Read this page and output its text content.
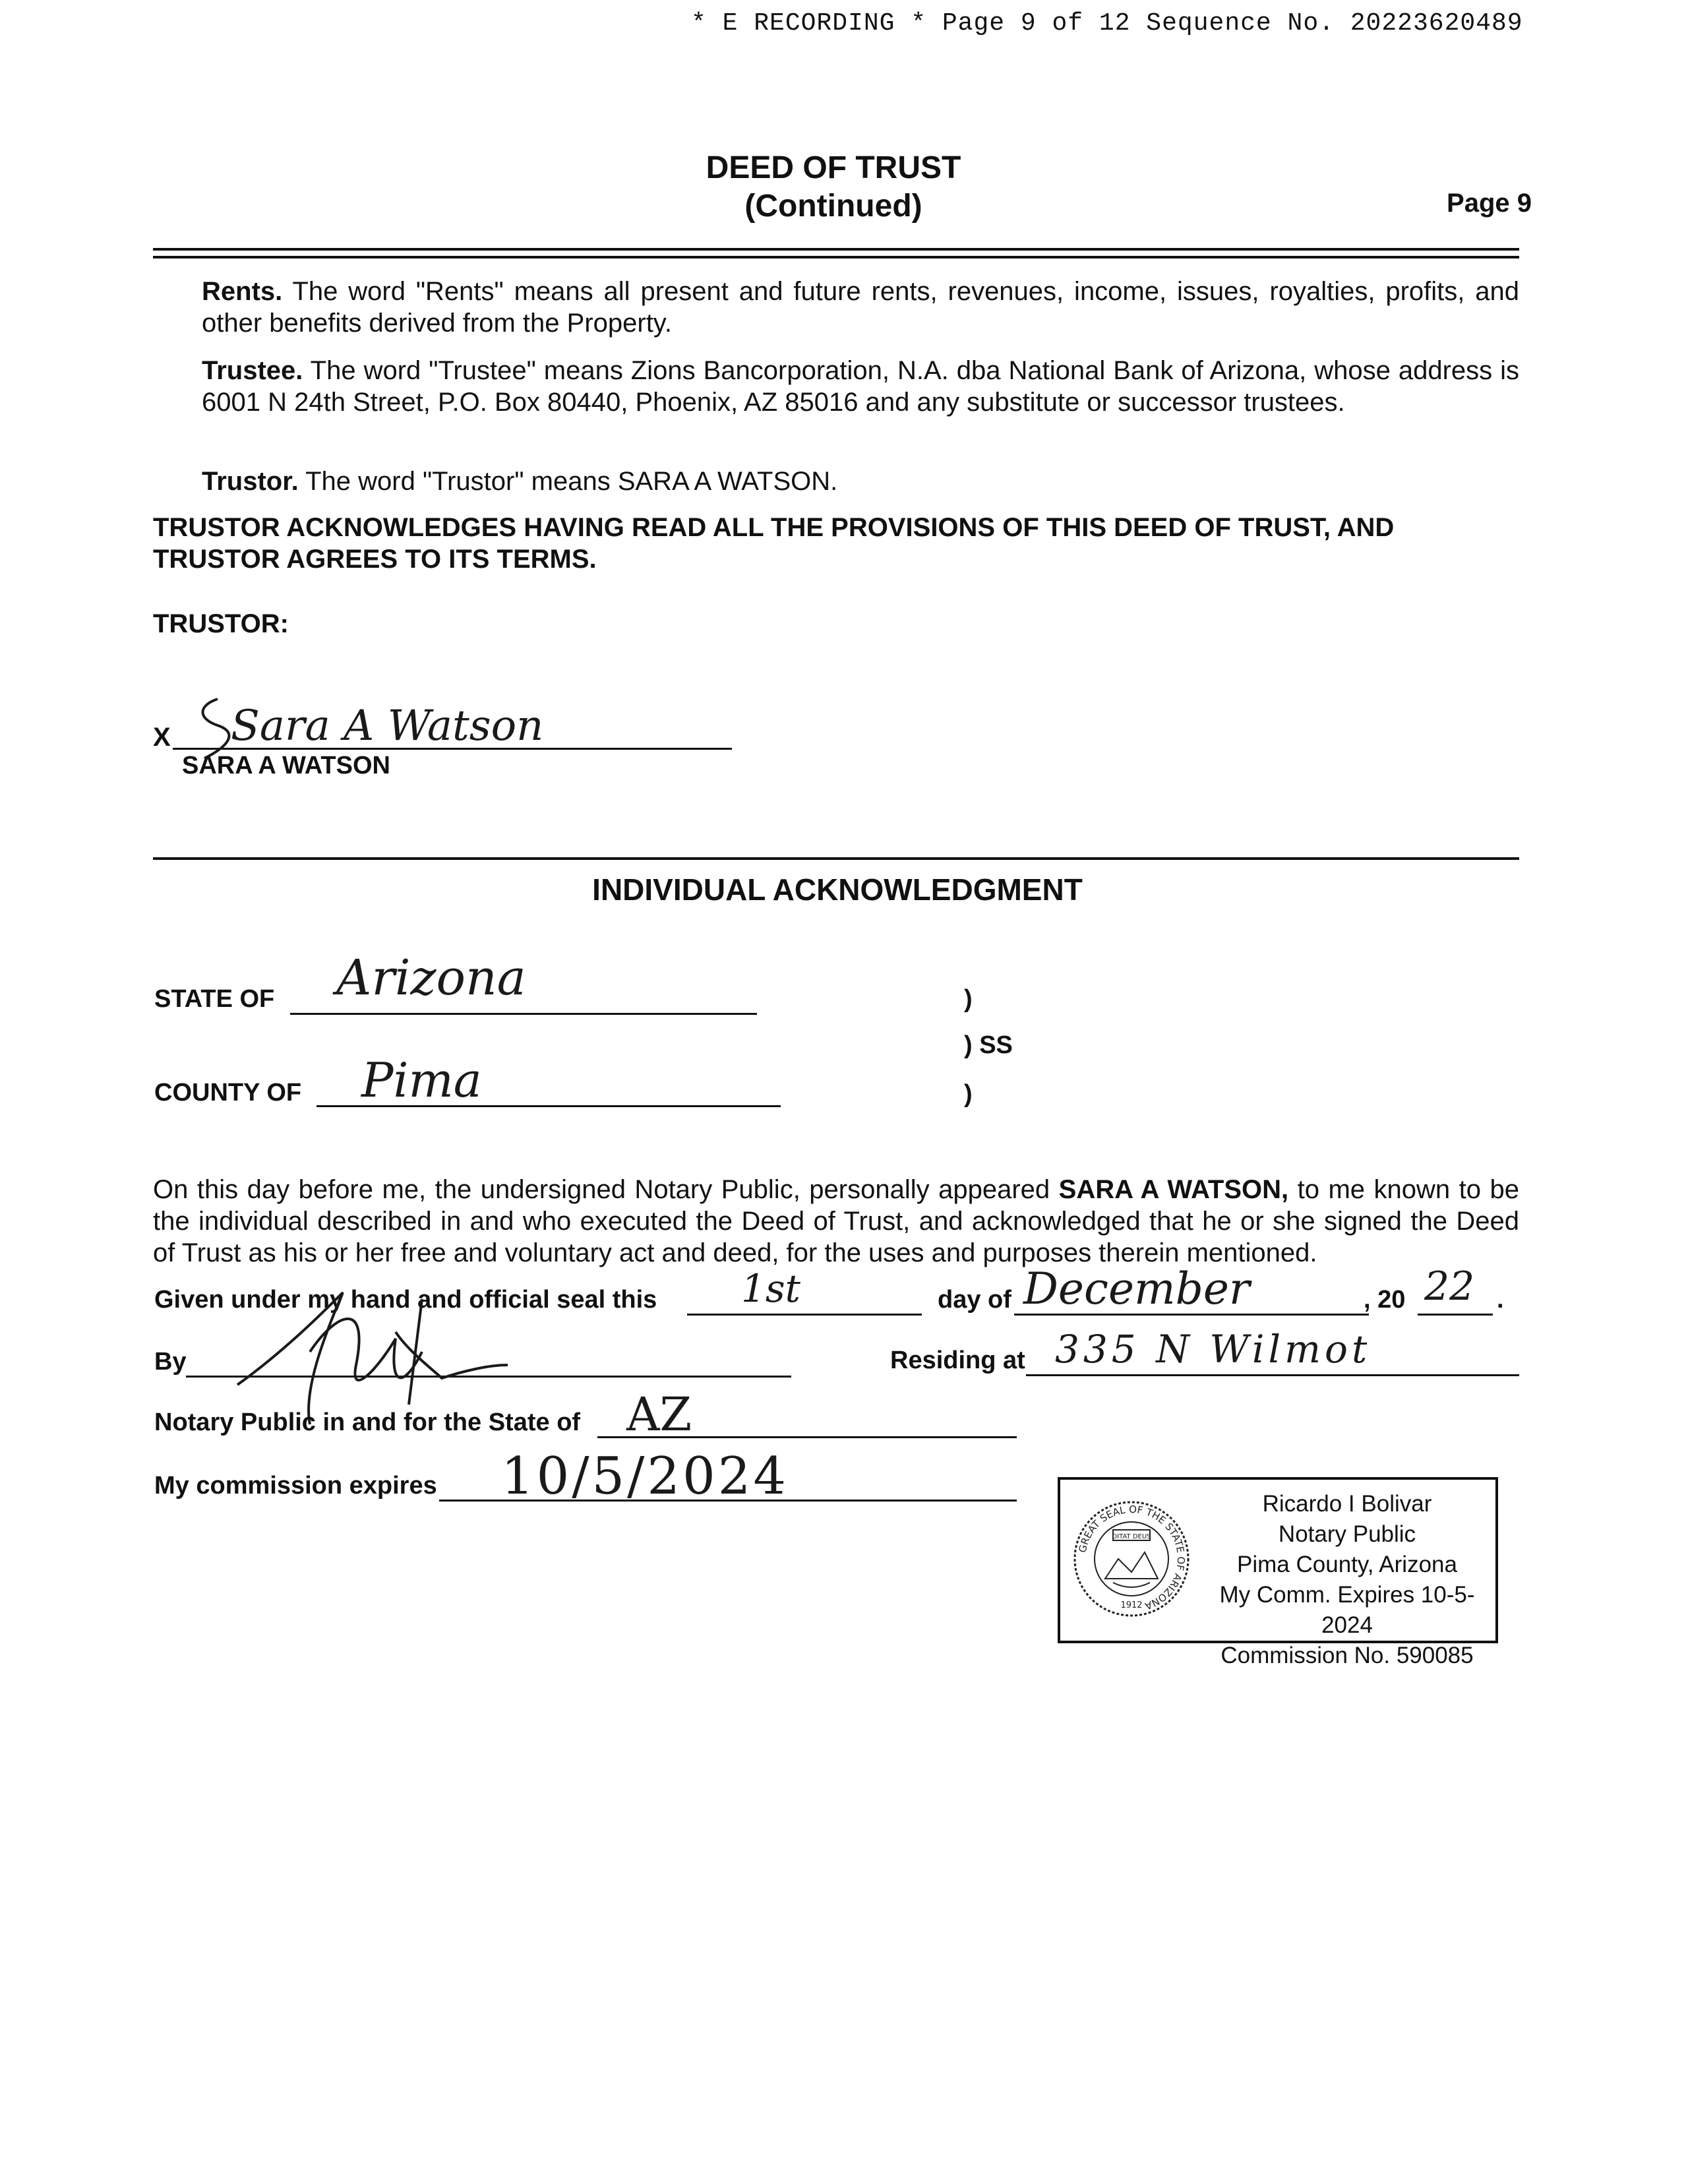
* E RECORDING * Page 9 of 12 Sequence No. 20223620489
DEED OF TRUST
(Continued)	Page 9
Rents. The word "Rents" means all present and future rents, revenues, income, issues, royalties, profits, and other benefits derived from the Property.
Trustee. The word "Trustee" means Zions Bancorporation, N.A. dba National Bank of Arizona, whose address is 6001 N 24th Street, P.O. Box 80440, Phoenix, AZ 85016 and any substitute or successor trustees.
Trustor. The word "Trustor" means SARA A WATSON.
TRUSTOR ACKNOWLEDGES HAVING READ ALL THE PROVISIONS OF THIS DEED OF TRUST, AND TRUSTOR AGREES TO ITS TERMS.
TRUSTOR:
X Sara A Watson
SARA A WATSON
INDIVIDUAL ACKNOWLEDGMENT
STATE OF Arizona	)
) SS
)
COUNTY OF Pima
On this day before me, the undersigned Notary Public, personally appeared SARA A WATSON, to me known to be the individual described in and who executed the Deed of Trust, and acknowledged that he or she signed the Deed of Trust as his or her free and voluntary act and deed, for the uses and purposes therein mentioned.
Given under my hand and official seal this 1st	day of December	, 20 22 .
By	Residing at 335 N Wilmot
Notary Public in and for the State of AZ
My commission expires 10/5/2024
GREAT SEAL OF THE STATE OF ARIZONA
DITAT DEUS
1912
Ricardo I Bolivar
Notary Public
Pima County, Arizona
My Comm. Expires 10-5-2024
Commission No. 590085
